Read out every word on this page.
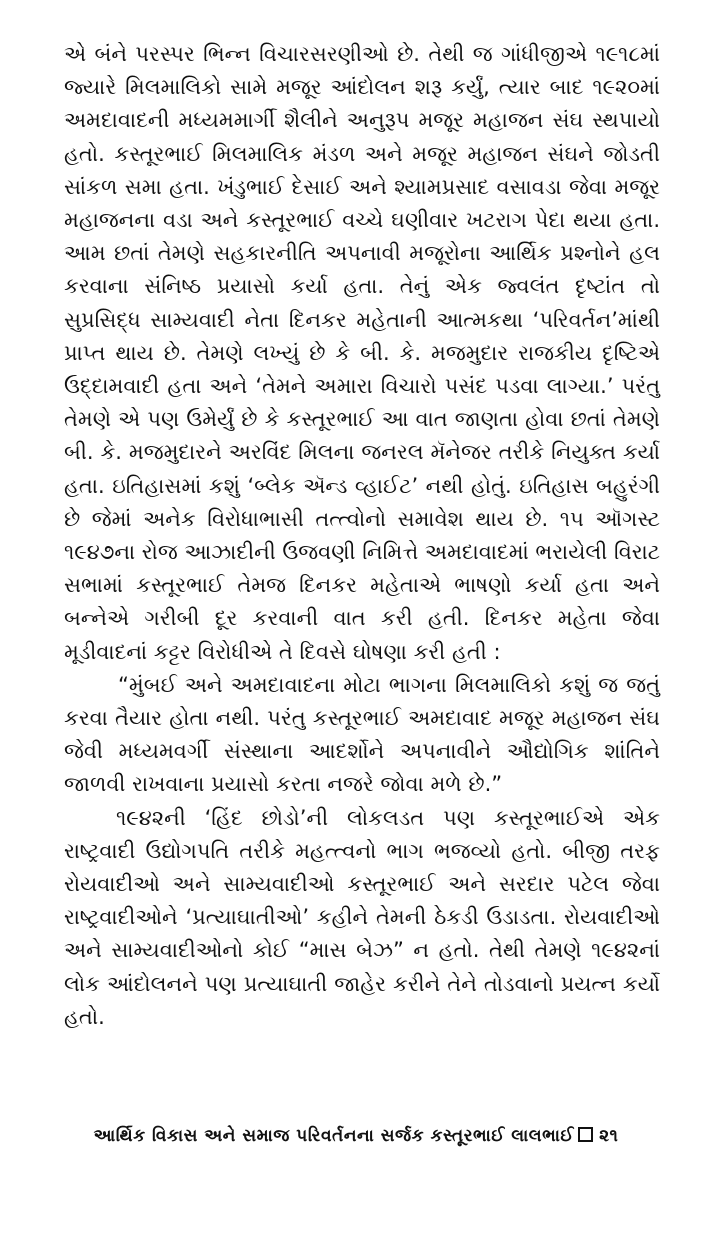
એ બંને પરસ્પર ભિન્ન વિચારસરણીઓ છે. તેથી જ ગાંધીજીએ ૧૯૧૮માં જ્યારે મિલમાલિકો સામે મજૂર આંદોલન શરૂ કર્યું, ત્યાર બાદ ૧૯૨૦માં અમદાવાદની મધ્યમમાર્ગી શૈલીને અનુરૂપ મજૂર મહાજન સંઘ સ્થપાયો હતો. કસ્તૂરભાઈ મિલમાલિક મંડળ અને મજૂર મહાજન સંઘને જોડતી સાંકળ સમા હતા. ખંડુભાઈ દેસાઈ અને શ્યામપ્રસાદ વસાવડા જેવા મજૂર મહાજનના વડા અને કસ્તૂરભાઈ વચ્ચે ઘણીવાર ખટરાગ પેદા થયા હતા. આમ છતાં તેમણે સહકારનીતિ અપનાવી મજૂરોના આર્થિક પ્રશ્નોને હલ કરવાના સંનિષ્ઠ પ્રયાસો કર્યા હતા. તેનું એક જ્વલંત દૃષ્ટાંત તો સુપ્રસિદ્ધ સામ્યવાદી નેતા દિનકર મહેતાની આત્મકથા ‘પરિવર્તન’માંથી પ્રાપ્ત થાય છે. તેમણે લખ્યું છે કે બી. કે. મજમુદાર રાજકીય દૃષ્ટિએ ઉદ્દામવાદી હતા અને ‘તેમને અમારા વિચારો પસંદ પડવા લાગ્યા.’ પરંતુ તેમણે એ પણ ઉમેર્યું છે કે કસ્તૂરભાઈ આ વાત જાણતા હોવા છતાં તેમણે બી. કે. મજમુદારને અરવિંદ મિલના જનરલ મૅનેજર તરીકે નિયુક્ત કર્યા હતા. ઇતિહાસમાં કશું ‘બ્લેક ઍન્ડ વ્હાઈટ’ નથી હોતું. ઇતિહાસ બહુરંગી છે જેમાં અનેક વિરોધાભાસી તત્ત્વોનો સમાવેશ થાય છે. ૧૫ ઑગસ્ટ ૧૯૪૭ના રોજ આઝાદીની ઉજવણી નિમિત્તે અમદાવાદમાં ભરાયેલી વિરાટ સભામાં કસ્તૂરભાઈ તેમજ દિનકર મહેતાએ ભાષણો કર્યા હતા અને બન્નેએ ગરીબી દૂર કરવાની વાત કરી હતી. દિનકર મહેતા જેવા મૂડીવાદનાં કટ્ટર વિરોધીએ તે દિવસે ઘોષણા કરી હતી :

“મુંબઈ અને અમદાવાદના મોટા ભાગના મિલમાલિકો કશું જ જતું કરવા તૈયાર હોતા નથી. પરંતુ કસ્તૂરભાઈ અમદાવાદ મજૂર મહાજન સંઘ જેવી મધ્યમવર્ગી સંસ્થાના આદર્શોને અપનાવીને ઔદ્યોગિક શાંતિને જાળવી રાખવાના પ્રયાસો કરતા નજરે જોવા મળે છે.”

૧૯૪૨ની ‘હિંદ છોડો’ની લોકલડત પણ કસ્તૂરભાઈએ એક રાષ્ટ્રવાદી ઉદ્યોગપતિ તરીકે મહત્ત્વનો ભાગ ભજવ્યો હતો. બીજી તરફ રોયવાદીઓ અને સામ્યવાદીઓ કસ્તૂરભાઈ અને સરદાર પટેલ જેવા રાષ્ટ્રવાદીઓને ‘પ્રત્યાઘાતીઓ’ કહીને તેમની ઠેકડી ઉડાડતા. રોયવાદીઓ અને સામ્યવાદીઓનો કોઈ “માસ બેઝ” ન હતો. તેથી તેમણે ૧૯૪૨નાં લોક આંદોલનને પણ પ્રત્યાઘાતી જાહેર કરીને તેને તોડવાનો પ્રયત્ન કર્યો હતો.

આર્થિક વિકાસ અને સમાજ પરિવર્તનના સર્જક કસ્તૂરભાઈ લાલભાઈ ૨૧
